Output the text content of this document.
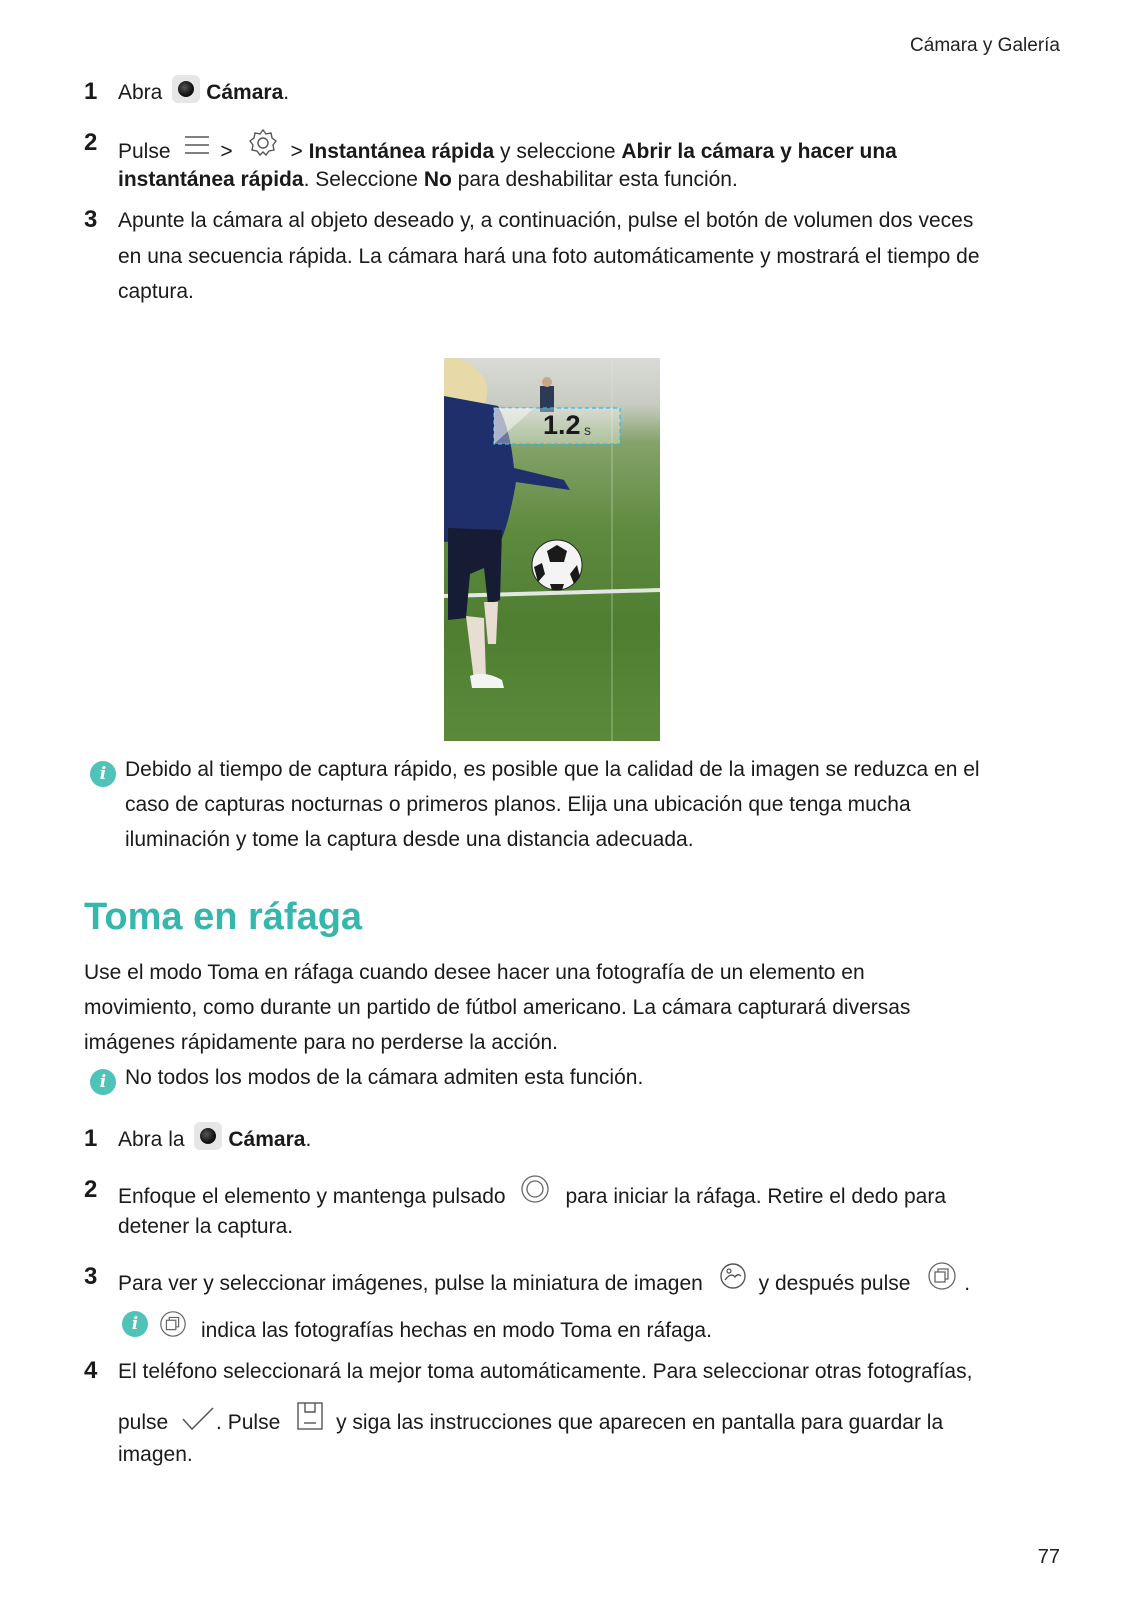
Cámara y Galería
1 Abra Cámara.
2 Pulse >	> Instantánea rápida y seleccione Abrir la cámara y hacer una
instantánea rápida. Seleccione No para deshabilitar esta función.
3 Apunte la cámara al objeto deseado y, a continuación, pulse el botón de volumen dos veces
en una secuencia rápida. La cámara hará una foto automáticamente y mostrará el tiempo de
captura.
1.2 s
i Debido al tiempo de captura rápido, es posible que la calidad de la imagen se reduzca en el
caso de capturas nocturnas o primeros planos. Elija una ubicación que tenga mucha
iluminación y tome la captura desde una distancia adecuada.
Toma en ráfaga
Use el modo Toma en ráfaga cuando desee hacer una fotografía de un elemento en
movimiento, como durante un partido de fútbol americano. La cámara capturará diversas
imágenes rápidamente para no perderse la acción.
i No todos los modos de la cámara admiten esta función.
1 Abra la Cámara.
2 Enfoque el elemento y mantenga pulsado	para iniciar la ráfaga. Retire el dedo para
detener la captura.
3 Para ver y seleccionar imágenes, pulse la miniatura de imagen	y después pulse	.
i	indica las fotografías hechas en modo Toma en ráfaga.
4 El teléfono seleccionará la mejor toma automáticamente. Para seleccionar otras fotografías,
pulse . Pulse	y siga las instrucciones que aparecen en pantalla para guardar la
imagen.
77
